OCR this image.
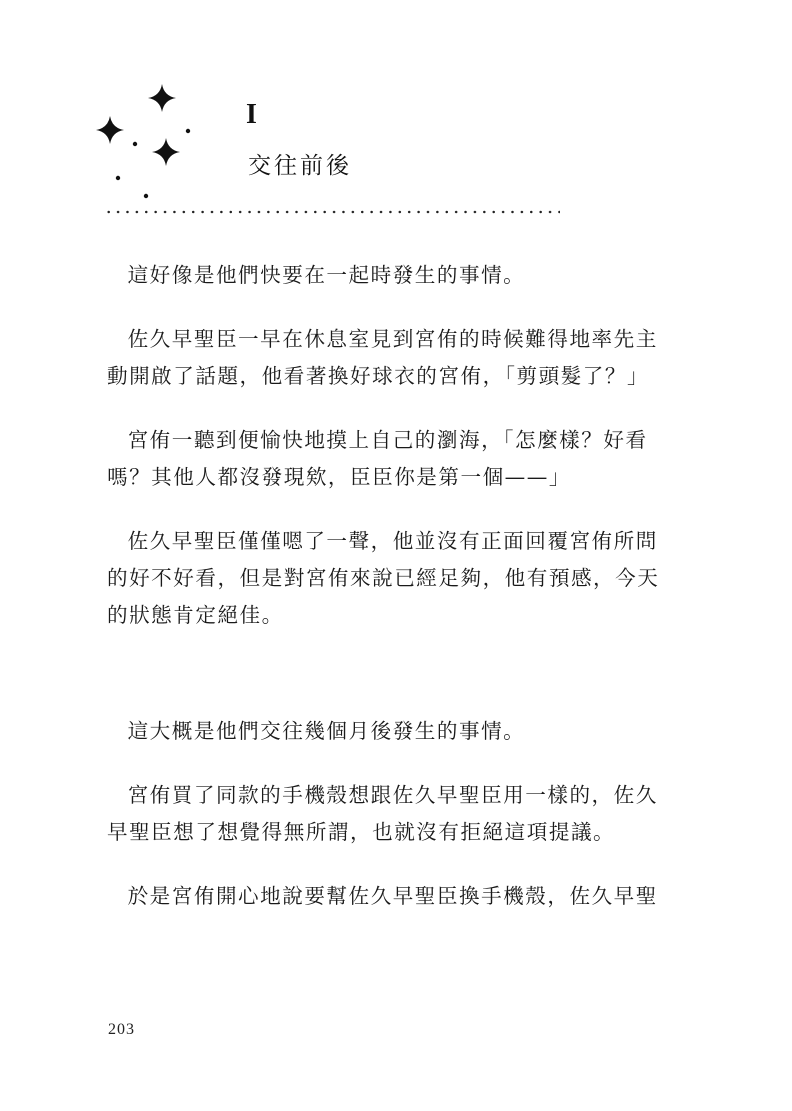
I
交往前後

這好像是他們快要在一起時發生的事情。

佐久早聖臣一早在休息室見到宮侑的時候難得地率先主動開啟了話題，他看著換好球衣的宮侑，「剪頭髮了？」

宮侑一聽到便愉快地摸上自己的瀏海，「怎麼樣？好看嗎？其他人都沒發現欸，臣臣你是第一個——」

佐久早聖臣僅僅嗯了一聲，他並沒有正面回覆宮侑所問的好不好看，但是對宮侑來說已經足夠，他有預感，今天的狀態肯定絕佳。

這大概是他們交往幾個月後發生的事情。

宮侑買了同款的手機殼想跟佐久早聖臣用一樣的，佐久早聖臣想了想覺得無所謂，也就沒有拒絕這項提議。

於是宮侑開心地說要幫佐久早聖臣換手機殼，佐久早聖

203
